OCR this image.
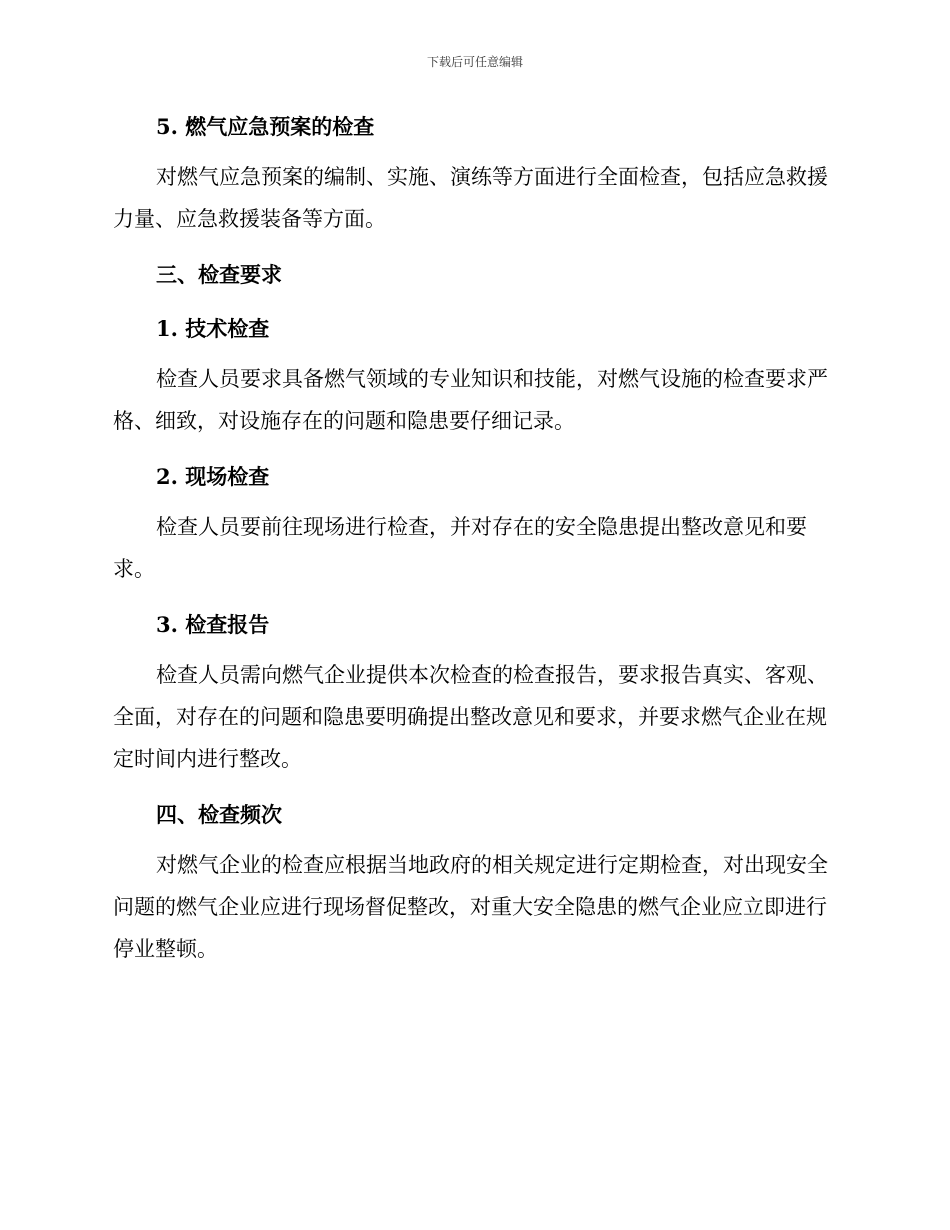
下载后可任意编辑
5. 燃气应急预案的检查

对燃气应急预案的编制、实施、演练等方面进行全面检查，包括应急救援力量、应急救援装备等方面。

三、检查要求
1. 技术检查

检查人员要求具备燃气领域的专业知识和技能，对燃气设施的检查要求严格、细致，对设施存在的问题和隐患要仔细记录。

2. 现场检查

检查人员要前往现场进行检查，并对存在的安全隐患提出整改意见和要求。

3. 检查报告

检查人员需向燃气企业提供本次检查的检查报告，要求报告真实、客观、全面，对存在的问题和隐患要明确提出整改意见和要求，并要求燃气企业在规定时间内进行整改。

四、检查频次

对燃气企业的检查应根据当地政府的相关规定进行定期检查，对出现安全问题的燃气企业应进行现场督促整改，对重大安全隐患的燃气企业应立即进行停业整顿。
